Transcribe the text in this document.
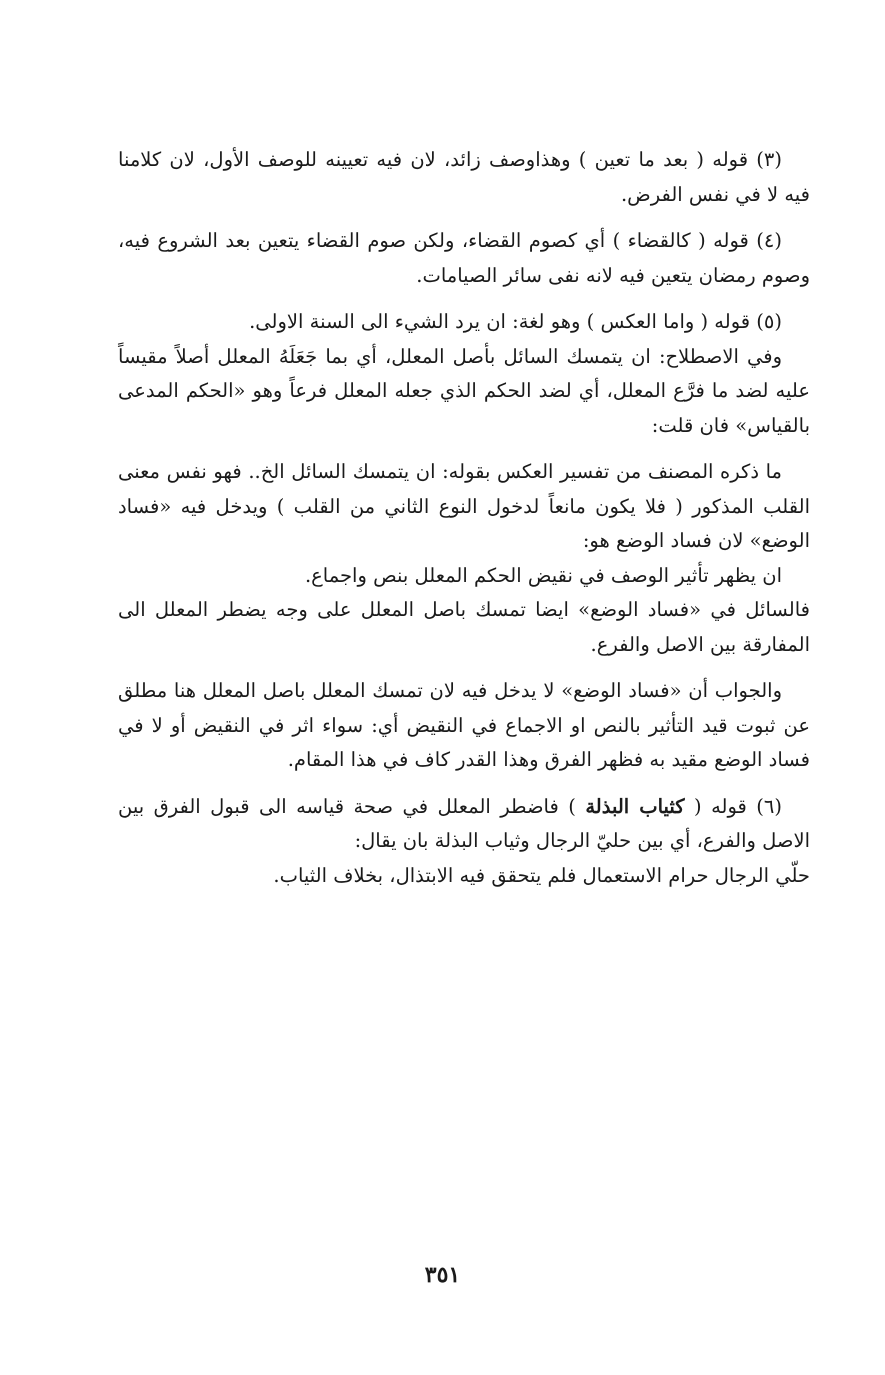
(٣) قوله ( بعد ما تعين ) وهذاوصف زائد، لان فيه تعيينه للوصف الأول، لان كلامنا فيه لا في نفس الفرض.

(٤) قوله ( كالقضاء ) أي كصوم القضاء، ولكن صوم القضاء يتعين بعد الشروع فيه، وصوم رمضان يتعين فيه لانه نفى سائر الصيامات.

(٥) قوله ( واما العكس ) وهو لغة: ان يرد الشيء الى السنة الاولى.

وفي الاصطلاح: ان يتمسك السائل بأصل المعلل، أي بما جَعَلَهُ المعلل أصلاً مقيساً عليه لضد ما فرَّع المعلل، أي لضد الحكم الذي جعله المعلل فرعاً وهو «الحكم المدعى بالقياس» فان قلت:

ما ذكره المصنف من تفسير العكس بقوله: ان يتمسك السائل الخ.. فهو نفس معنى القلب المذكور ( فلا يكون مانعاً لدخول النوع الثاني من القلب ) ويدخل فيه «فساد الوضع» لان فساد الوضع هو:

ان يظهر تأثير الوصف في نقيض الحكم المعلل بنص واجماع.

فالسائل في «فساد الوضع» ايضا تمسك باصل المعلل على وجه يضطر المعلل الى المفارقة بين الاصل والفرع.

والجواب أن «فساد الوضع» لا يدخل فيه لان تمسك المعلل باصل المعلل هنا مطلق عن ثبوت قيد التأثير بالنص او الاجماع في النقيض أي: سواء اثر في النقيض أو لا في فساد الوضع مقيد به فظهر الفرق وهذا القدر كاف في هذا المقام.

(٦) قوله ( كثياب البذلة ) فاضطر المعلل في صحة قياسه الى قبول الفرق بين الاصل والفرع، أي بين حليّ الرجال وثياب البذلة بان يقال:

حلّي الرجال حرام الاستعمال فلم يتحقق فيه الابتذال، بخلاف الثياب.

٣٥١
